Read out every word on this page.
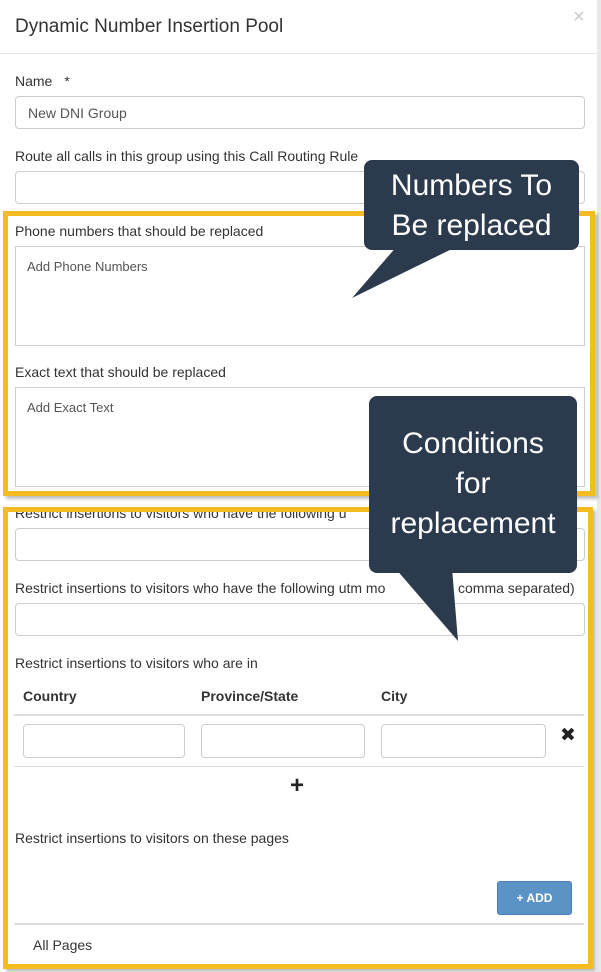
Dynamic Number Insertion Pool	×
Name *
New DNI Group
Route all calls in this group using this Call Routing Rule
Phone numbers that should be replaced
Add Phone Numbers
Exact text that should be replaced
Add Exact Text
Restrict insertions to visitors who have the following u
Restrict insertions to visitors who have the following utm mo	comma separated)
Restrict insertions to visitors who are in
Country	Province/State	City
✖
+
Restrict insertions to visitors on these pages
+ ADD
All Pages
Numbers To
Be replaced
Conditions
for
replacement
